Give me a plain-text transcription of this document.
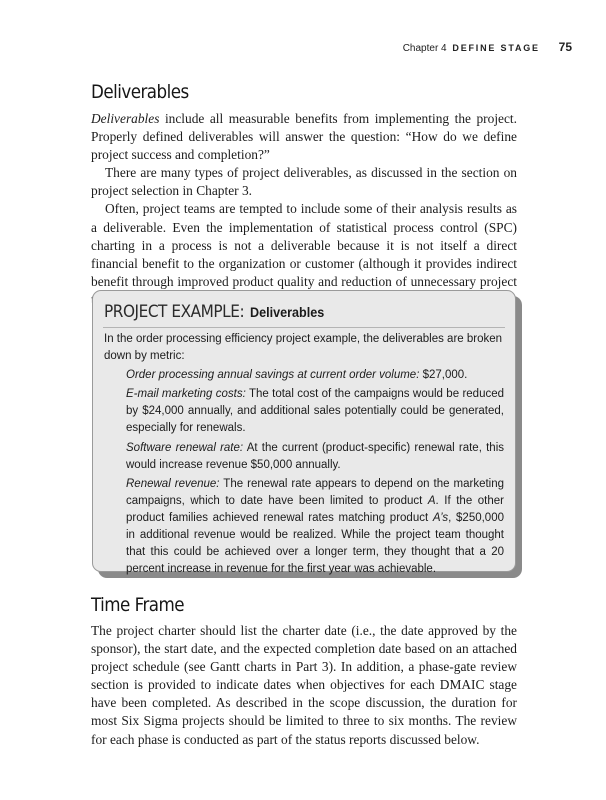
Chapter 4 DEFINE STAGE 75
Deliverables

Deliverables include all measurable benefits from implementing the project. Properly defined deliverables will answer the question: “How do we define project success and completion?”

There are many types of project deliverables, as discussed in the section on project selection in Chapter 3.

Often, project teams are tempted to include some of their analysis results as a deliverable. Even the implementation of statistical process control (SPC) charting in a process is not a deliverable because it is not itself a direct financial benefit to the organization or customer (although it provides indirect benefit through improved product quality and reduction of unnecessary project

PROJECT EXAMPLE: Deliverables

In the order processing efficiency project example, the deliverables are broken down by metric:

Order processing annual savings at current order volume: $27,000.

E-mail marketing costs: The total cost of the campaigns would be reduced by $24,000 annually, and additional sales potentially could be generated, especially for renewals.

Software renewal rate: At the current (product-specific) renewal rate, this would increase revenue $50,000 annually.

Renewal revenue: The renewal rate appears to depend on the marketing campaigns, which to date have been limited to product A. If the other product families achieved renewal rates matching product A’s, $250,000 in additional revenue would be realized. While the project team thought that this could be achieved over a longer term, they thought that a 20 percent increase in revenue for the first year was achievable.

Time Frame

The project charter should list the charter date (i.e., the date approved by the sponsor), the start date, and the expected completion date based on an attached project schedule (see Gantt charts in Part 3). In addition, a phase-gate review section is provided to indicate dates when objectives for each DMAIC stage have been completed. As described in the scope discussion, the duration for most Six Sigma projects should be limited to three to six months. The review for each phase is conducted as part of the status reports discussed below.
